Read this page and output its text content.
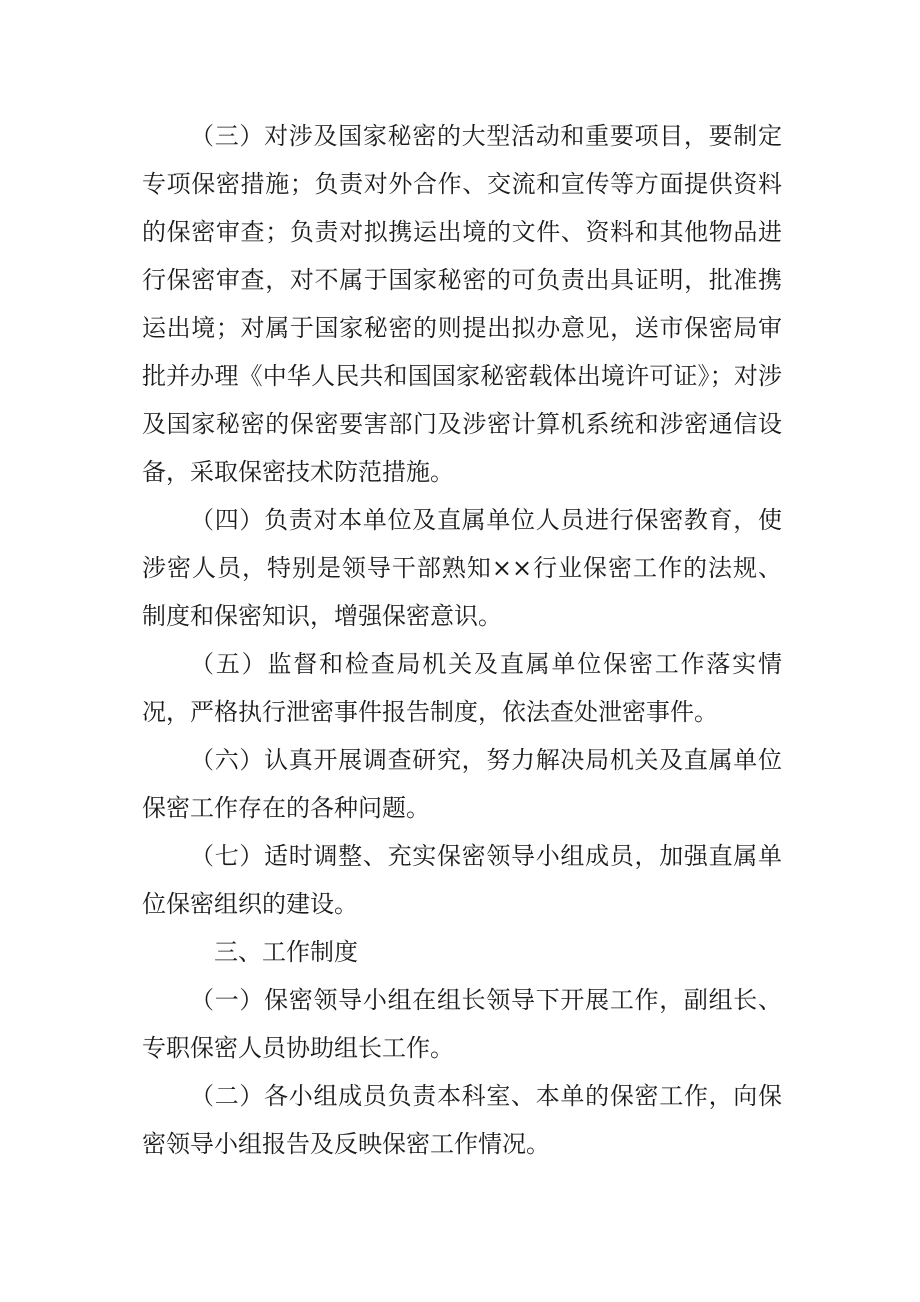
（三）对涉及国家秘密的大型活动和重要项目，要制定专项保密措施；负责对外合作、交流和宣传等方面提供资料的保密审查；负责对拟携运出境的文件、资料和其他物品进行保密审查，对不属于国家秘密的可负责出具证明，批准携运出境；对属于国家秘密的则提出拟办意见，送市保密局审批并办理《中华人民共和国国家秘密载体出境许可证》；对涉及国家秘密的保密要害部门及涉密计算机系统和涉密通信设备，采取保密技术防范措施。

（四）负责对本单位及直属单位人员进行保密教育，使涉密人员，特别是领导干部熟知××行业保密工作的法规、制度和保密知识，增强保密意识。

（五）监督和检查局机关及直属单位保密工作落实情况，严格执行泄密事件报告制度，依法查处泄密事件。

（六）认真开展调查研究，努力解决局机关及直属单位保密工作存在的各种问题。

（七）适时调整、充实保密领导小组成员，加强直属单位保密组织的建设。

三、工作制度

（一）保密领导小组在组长领导下开展工作，副组长、专职保密人员协助组长工作。

（二）各小组成员负责本科室、本单的保密工作，向保密领导小组报告及反映保密工作情况。
